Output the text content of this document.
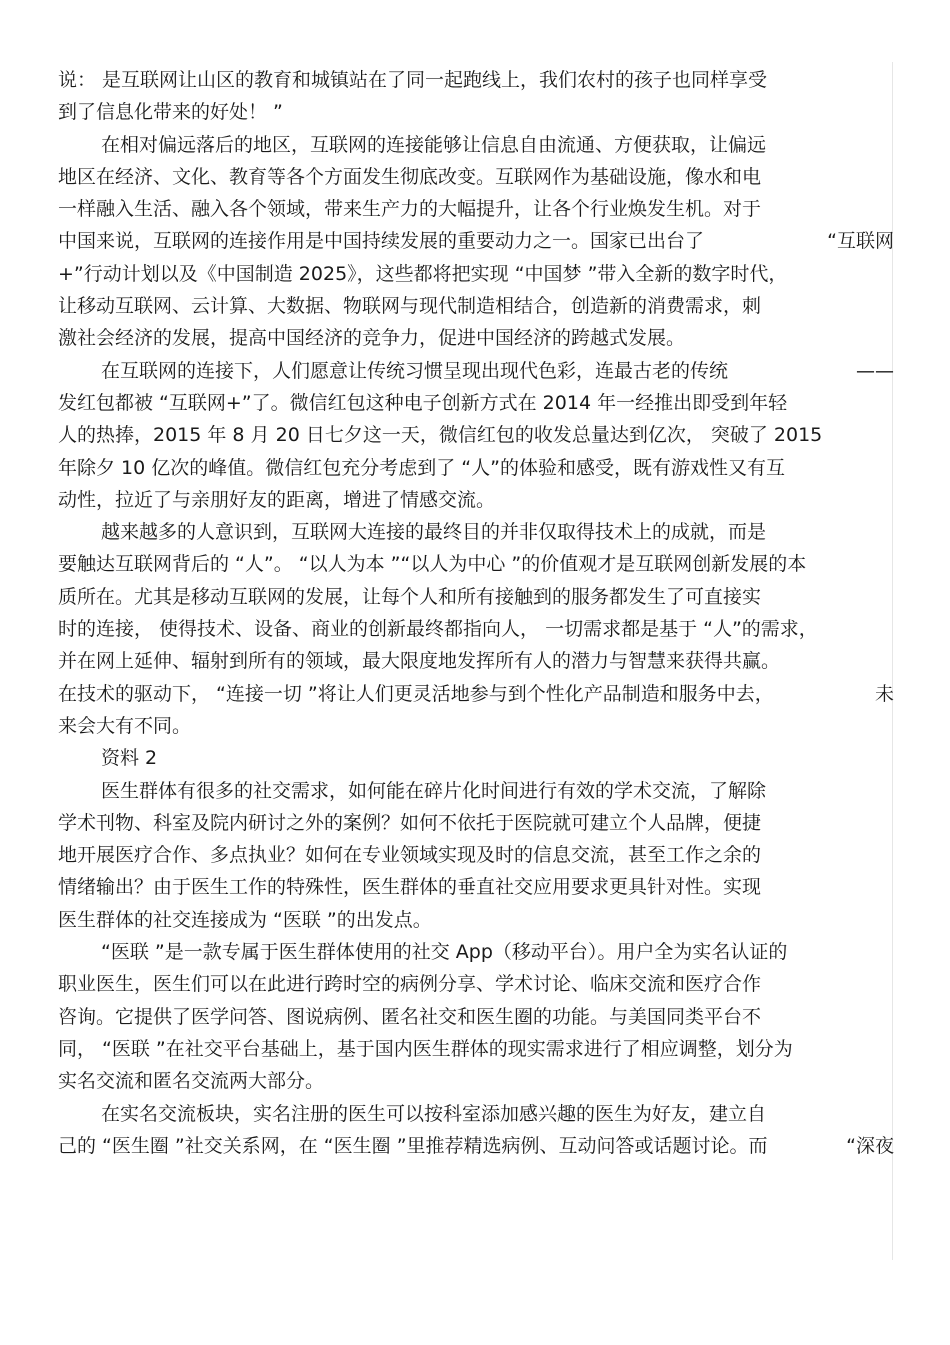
说： 是互联网让山区的教育和城镇站在了同一起跑线上，我们农村的孩子也同样享受
到了信息化带来的好处！ ”
在相对偏远落后的地区，互联网的连接能够让信息自由流通、方便获取，让偏远
地区在经济、文化、教育等各个方面发生彻底改变。互联网作为基础设施，像水和电
一样融入生活、融入各个领域，带来生产力的大幅提升，让各个行业焕发生机。对于
中国来说，互联网的连接作用是中国持续发展的重要动力之一。国家已出台了	“互联网
+”行动计划以及《中国制造 2025》，这些都将把实现 “中国梦 ”带入全新的数字时代，
让移动互联网、云计算、大数据、物联网与现代制造相结合，创造新的消费需求，刺
激社会经济的发展，提高中国经济的竞争力，促进中国经济的跨越式发展。
在互联网的连接下，人们愿意让传统习惯呈现出现代色彩，连最古老的传统	——
发红包都被 “互联网+”了。微信红包这种电子创新方式在 2014 年一经推出即受到年轻
人的热捧，2015 年 8 月 20 日七夕这一天，微信红包的收发总量达到亿次， 突破了 2015
年除夕 10 亿次的峰值。微信红包充分考虑到了 “人”的体验和感受，既有游戏性又有互
动性，拉近了与亲朋好友的距离，增进了情感交流。
越来越多的人意识到，互联网大连接的最终目的并非仅取得技术上的成就，而是
要触达互联网背后的 “人”。 “以人为本 ”“以人为中心 ”的价值观才是互联网创新发展的本
质所在。尤其是移动互联网的发展，让每个人和所有接触到的服务都发生了可直接实
时的连接， 使得技术、设备、商业的创新最终都指向人， 一切需求都是基于 “人”的需求，
并在网上延伸、辐射到所有的领域，最大限度地发挥所有人的潜力与智慧来获得共赢。
在技术的驱动下， “连接一切 ”将让人们更灵活地参与到个性化产品制造和服务中去，	未
来会大有不同。
资料 2
医生群体有很多的社交需求，如何能在碎片化时间进行有效的学术交流，了解除
学术刊物、科室及院内研讨之外的案例？如何不依托于医院就可建立个人品牌，便捷
地开展医疗合作、多点执业？如何在专业领域实现及时的信息交流，甚至工作之余的
情绪输出？由于医生工作的特殊性，医生群体的垂直社交应用要求更具针对性。实现
医生群体的社交连接成为 “医联 ”的出发点。
“医联 ”是一款专属于医生群体使用的社交 App（移动平台）。用户全为实名认证的
职业医生，医生们可以在此进行跨时空的病例分享、学术讨论、临床交流和医疗合作
咨询。它提供了医学问答、图说病例、匿名社交和医生圈的功能。与美国同类平台不
同， “医联 ”在社交平台基础上，基于国内医生群体的现实需求进行了相应调整，划分为
实名交流和匿名交流两大部分。
在实名交流板块，实名注册的医生可以按科室添加感兴趣的医生为好友，建立自
己的 “医生圈 ”社交关系网，在 “医生圈 ”里推荐精选病例、互动问答或话题讨论。而	“深夜
